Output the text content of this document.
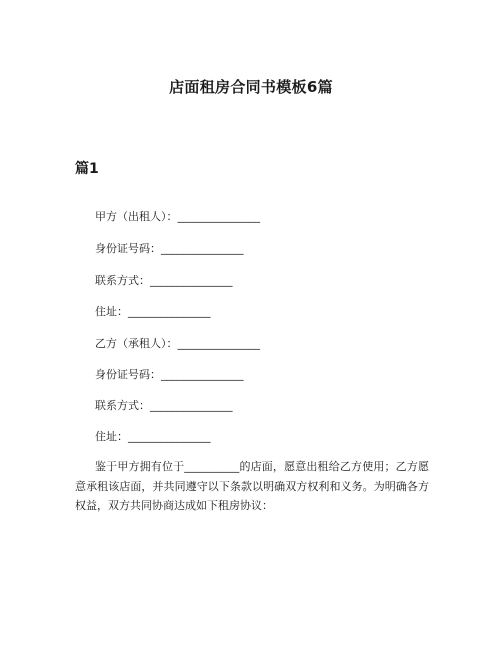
店面租房合同书模板6篇
篇1
甲方（出租人）：_______________
身份证号码：_______________
联系方式：_______________
住址：_______________
乙方（承租人）：_______________
身份证号码：_______________
联系方式：_______________
住址：_______________
鉴于甲方拥有位于__________的店面，愿意出租给乙方使用；乙方愿意承租该店面，并共同遵守以下条款以明确双方权利和义务。为明确各方权益，双方共同协商达成如下租房协议：
